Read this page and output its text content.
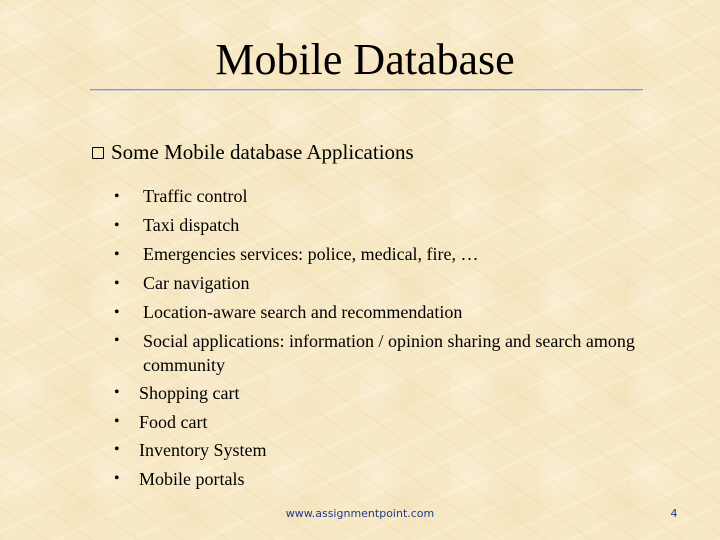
Mobile Database
Some Mobile database Applications
• Traffic control
• Taxi dispatch
• Emergencies services: police, medical, fire, …
• Car navigation
• Location-aware search and recommendation
• Social applications: information / opinion sharing and search among community
• Shopping cart
• Food cart
• Inventory System
• Mobile portals
www.assignmentpoint.com	4
